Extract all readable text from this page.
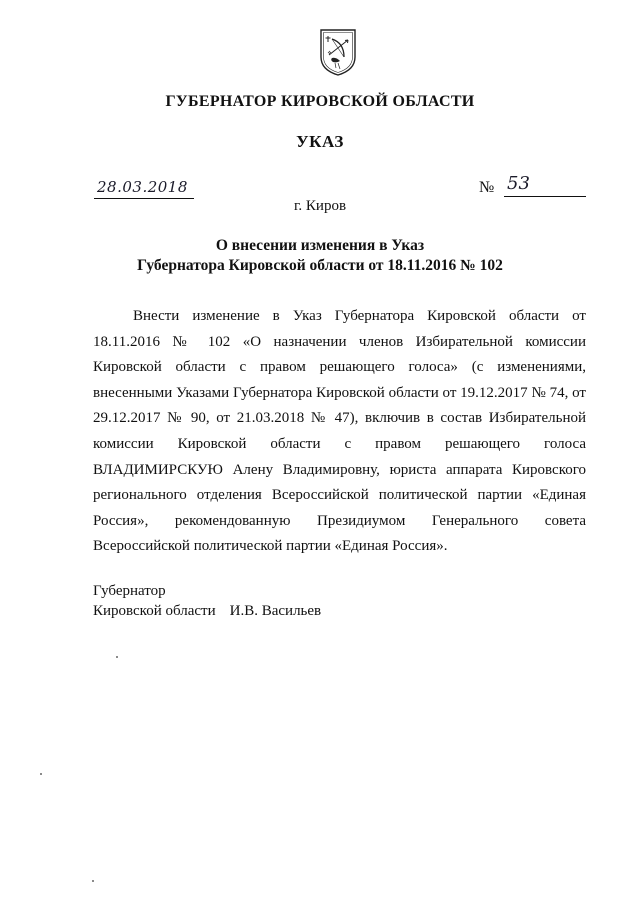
ГУБЕРНАТОР КИРОВСКОЙ ОБЛАСТИ
УКАЗ
28.03.2018	№ 53
г. Киров
О внесении изменения в Указ
Губернатора Кировской области от 18.11.2016 № 102
Внести изменение в Указ Губернатора Кировской области от 18.11.2016 № 102 «О назначении членов Избирательной комиссии Кировской области с правом решающего голоса» (с изменениями, внесенными Указами Губернатора Кировской области от 19.12.2017 № 74, от 29.12.2017 № 90, от 21.03.2018 № 47), включив в состав Избирательной комиссии Кировской области с правом решающего голоса ВЛАДИМИРСКУЮ Алену Владимировну, юриста аппарата Кировского регионального отделения Всероссийской политической партии «Единая Россия», рекомендованную Президиумом Генерального совета Всероссийской политической партии «Единая Россия».
Губернатор
Кировской области И.В. Васильев
